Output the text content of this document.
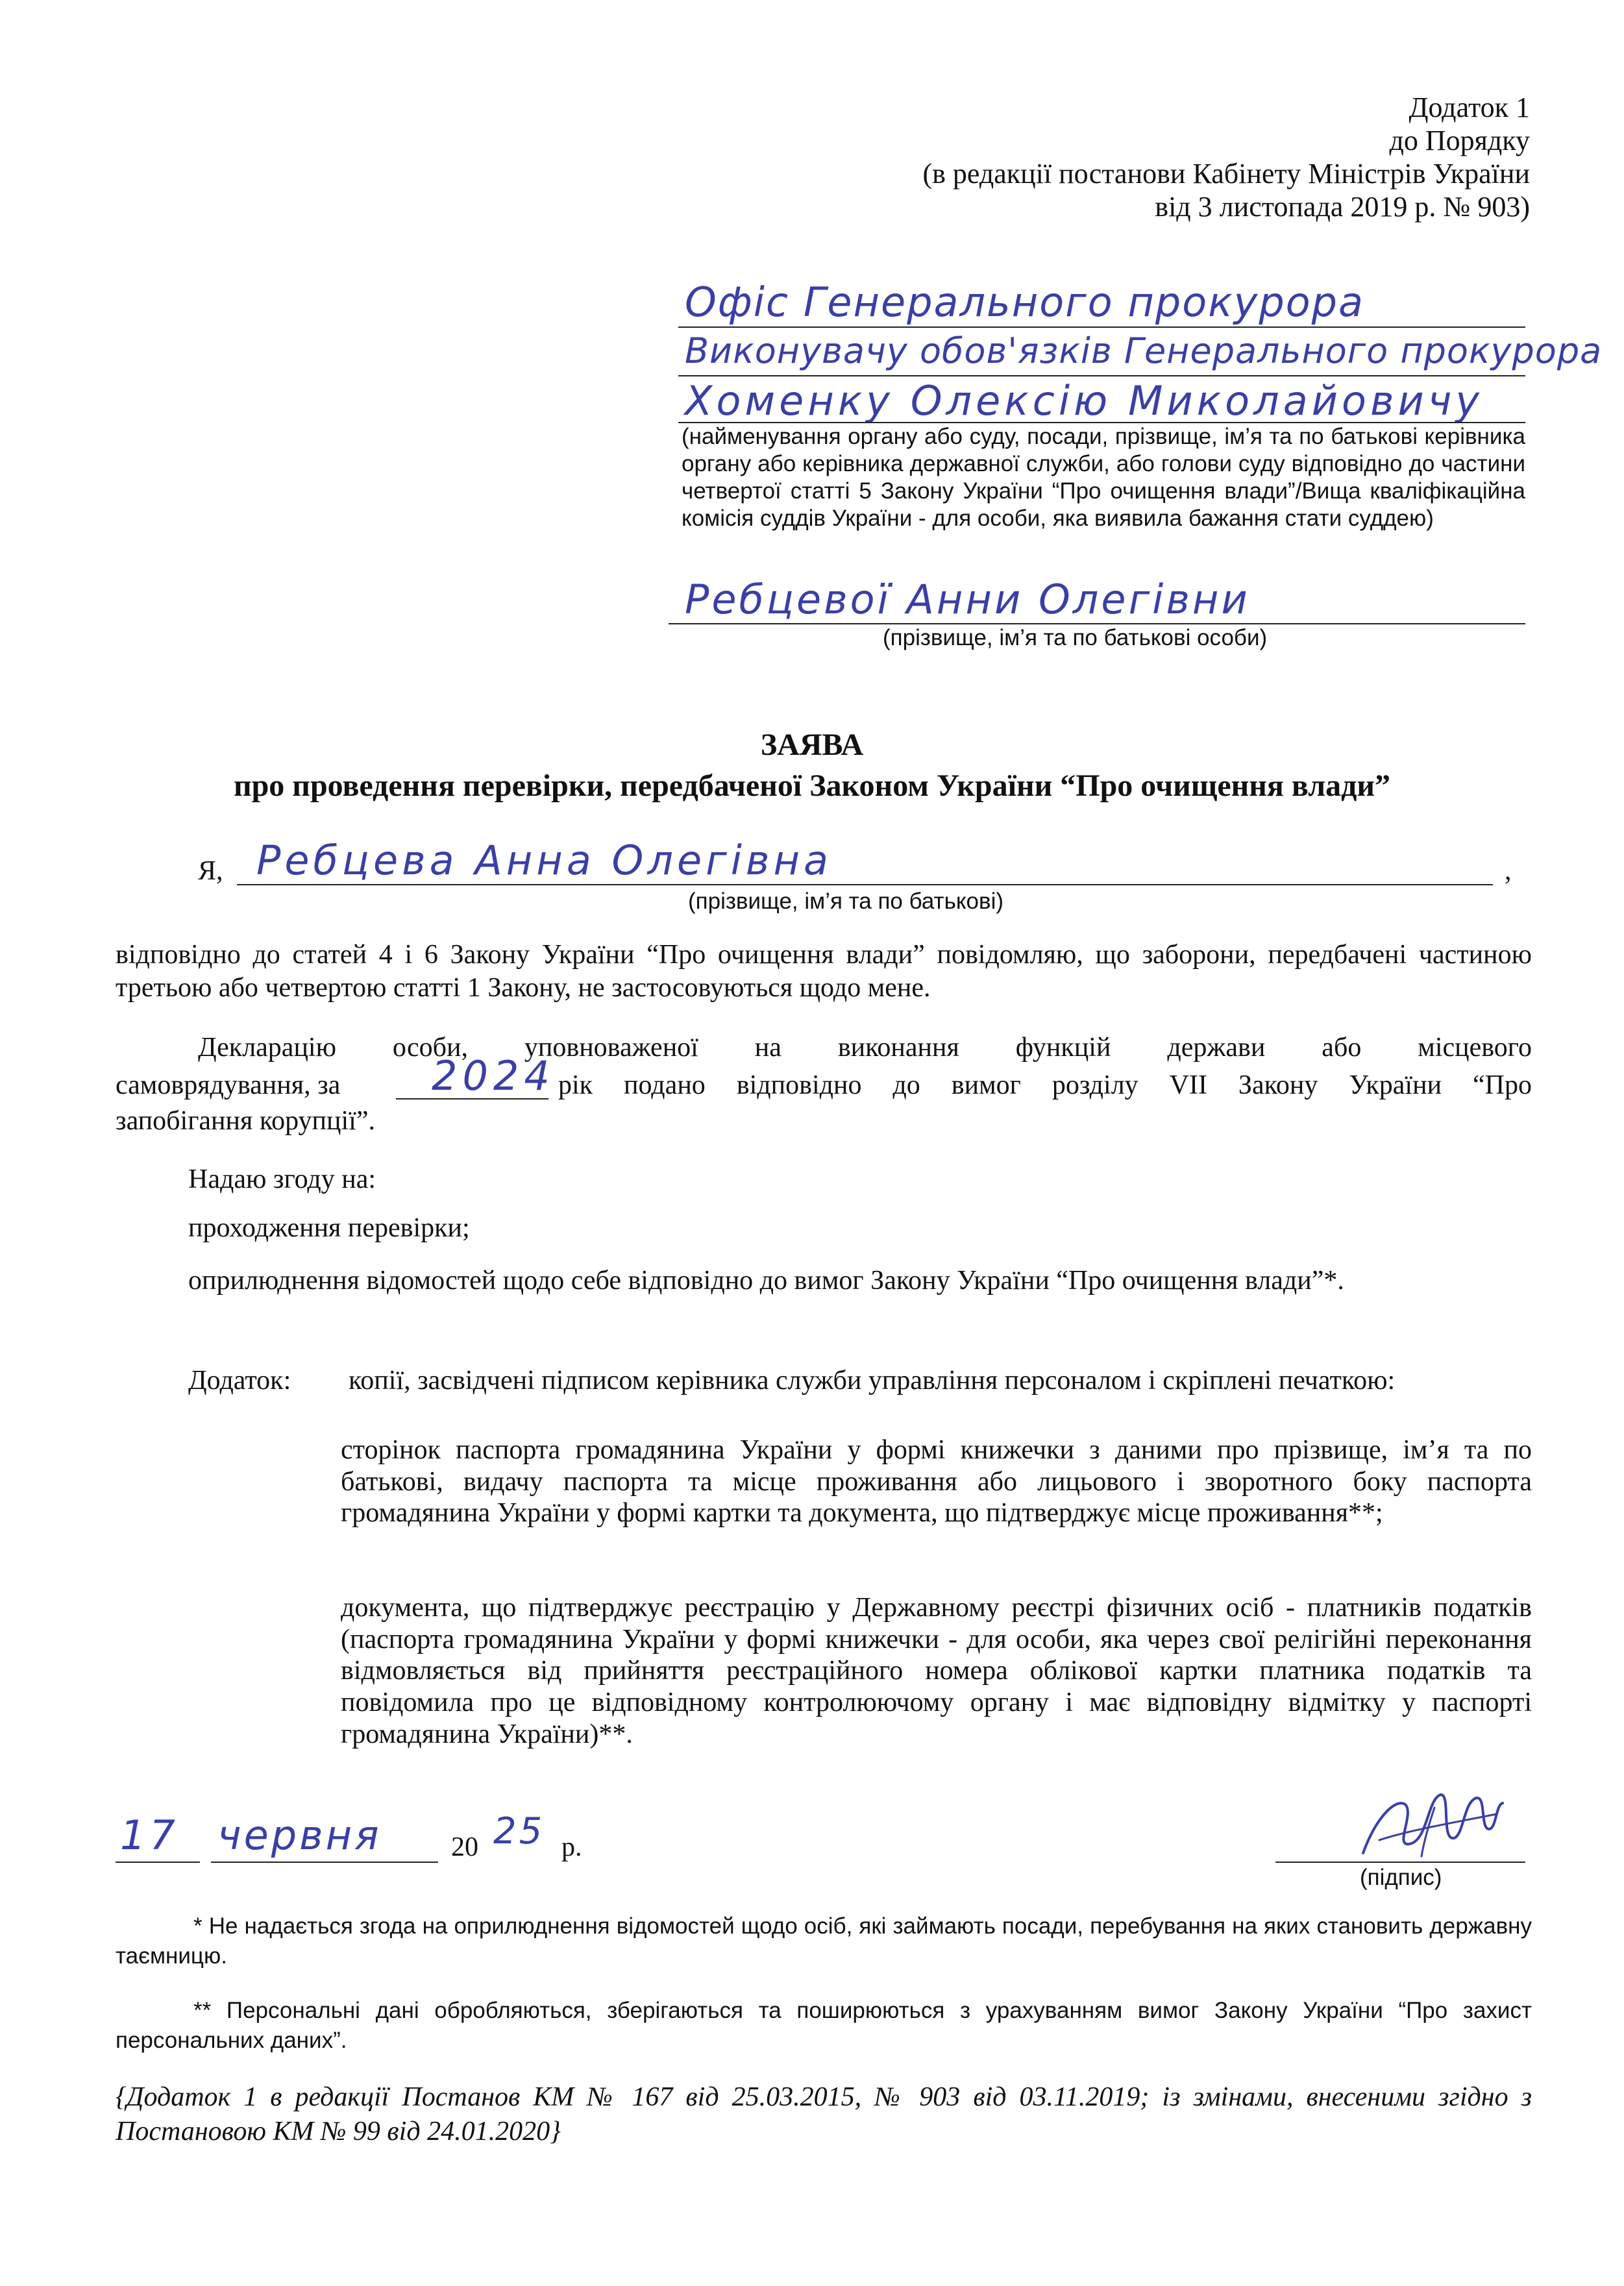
Додаток 1
до Порядку
(в редакції постанови Кабінету Міністрів України
від 3 листопада 2019 р. № 903)
Офіс Генерального прокурора
Виконувачу обов'язків Генерального прокурора
Хоменку Олексію Миколайовичу
(найменування органу або суду, посади, прізвище, ім’я та по батькові керівника органу або керівника державної служби, або голови суду відповідно до частини четвертої статті 5 Закону України “Про очищення влади”/Вища кваліфікаційна комісія суддів України - для особи, яка виявила бажання стати суддею)
Ребцевої Анни Олегівни
(прізвище, ім’я та по батькові особи)
ЗАЯВА
про проведення перевірки, передбаченої Законом України “Про очищення влади”
Я, Ребцева Анна Олегівна	,
(прізвище, ім’я та по батькові)
відповідно до статей 4 і 6 Закону України “Про очищення влади” повідомляю, що заборони, передбачені частиною третьою або четвертою статті 1 Закону, не застосовуються щодо мене.
Декларацію особи, уповноваженої на виконання функцій держави або місцевого
самоврядування, за 2024 рік подано відповідно до вимог розділу VII Закону України “Про
запобігання корупції”.
Надаю згоду на:
проходження перевірки;
оприлюднення відомостей щодо себе відповідно до вимог Закону України “Про очищення влади”*.
Додаток: копії, засвідчені підписом керівника служби управління персоналом і скріплені печаткою:
сторінок паспорта громадянина України у формі книжечки з даними про прізвище, ім’я та по батькові, видачу паспорта та місце проживання або лицьового і зворотного боку паспорта громадянина України у формі картки та документа, що підтверджує місце проживання**;
документа, що підтверджує реєстрацію у Державному реєстрі фізичних осіб - платників податків (паспорта громадянина України у формі книжечки - для особи, яка через свої релігійні переконання відмовляється від прийняття реєстраційного номера облікової картки платника податків та повідомила про це відповідному контролюючому органу і має відповідну відмітку у паспорті громадянина України)**.
17 червня	20 25 р.
(підпис)
* Не надається згода на оприлюднення відомостей щодо осіб, які займають посади, перебування на яких становить державну таємницю.
** Персональні дані обробляються, зберігаються та поширюються з урахуванням вимог Закону України “Про захист персональних даних”.
{Додаток 1 в редакції Постанов КМ № 167 від 25.03.2015, № 903 від 03.11.2019; із змінами, внесеними згідно з Постановою КМ № 99 від 24.01.2020}
